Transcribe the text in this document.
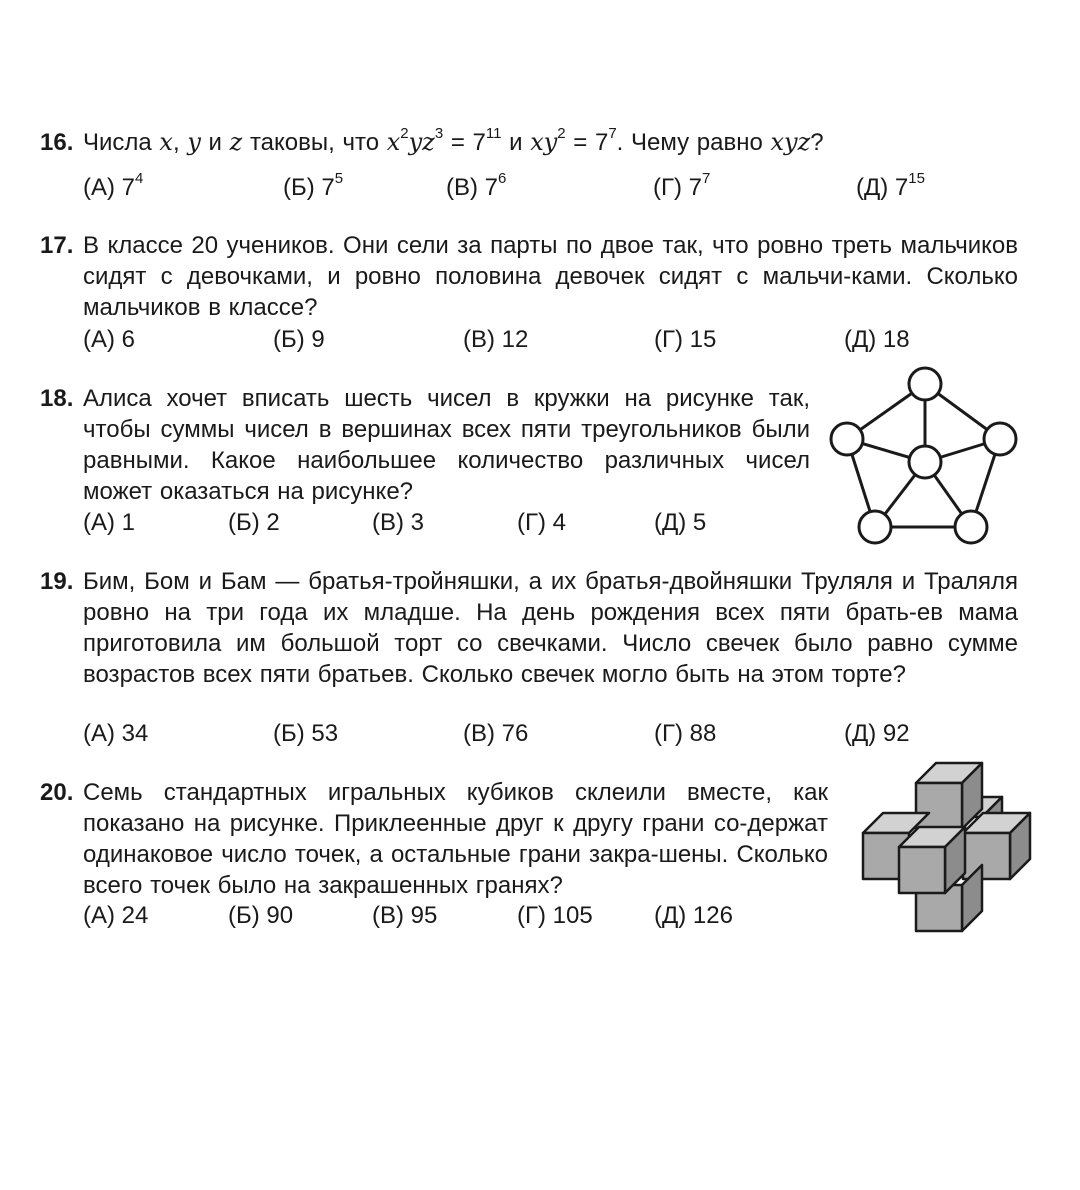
16. Числа x, y и z таковы, что $x^2yz^3 = 7^{11}$ и $xy^2 = 7^7$. Чему равно xyz?
(А) $7^4$	(Б) $7^5$	(В) $7^6$	(Г) $7^7$	(Д) $7^{15}$
17. В классе 20 учеников. Они сели за парты по двое так, что ровно треть мальчиков сидят с девочками, и ровно половина девочек сидят с мальчи-ками. Сколько мальчиков в классе?
(А) 6	(Б) 9	(В) 12	(Г) 15	(Д) 18
18. Алиса хочет вписать шесть чисел в кружки на рисунке так, чтобы суммы чисел в вершинах всех пяти треугольников были равными. Какое наибольшее количество различных чисел может оказаться на рисунке?
(А) 1	(Б) 2	(В) 3	(Г) 4	(Д) 5
19. Бим, Бом и Бам — братья-тройняшки, а их братья-двойняшки Труляля и Траляля ровно на три года их младше. На день рождения всех пяти брать-ев мама приготовила им большой торт со свечками. Число свечек было равно сумме возрастов всех пяти братьев. Сколько свечек могло быть на этом торте?
(А) 34	(Б) 53	(В) 76	(Г) 88	(Д) 92
20. Семь стандартных игральных кубиков склеили вместе, как показано на рисунке. Приклеенные друг к другу грани со-держат одинаковое число точек, а остальные грани закра-шены. Сколько всего точек было на закрашенных гранях?
(А) 24	(Б) 90	(В) 95	(Г) 105	(Д) 126
